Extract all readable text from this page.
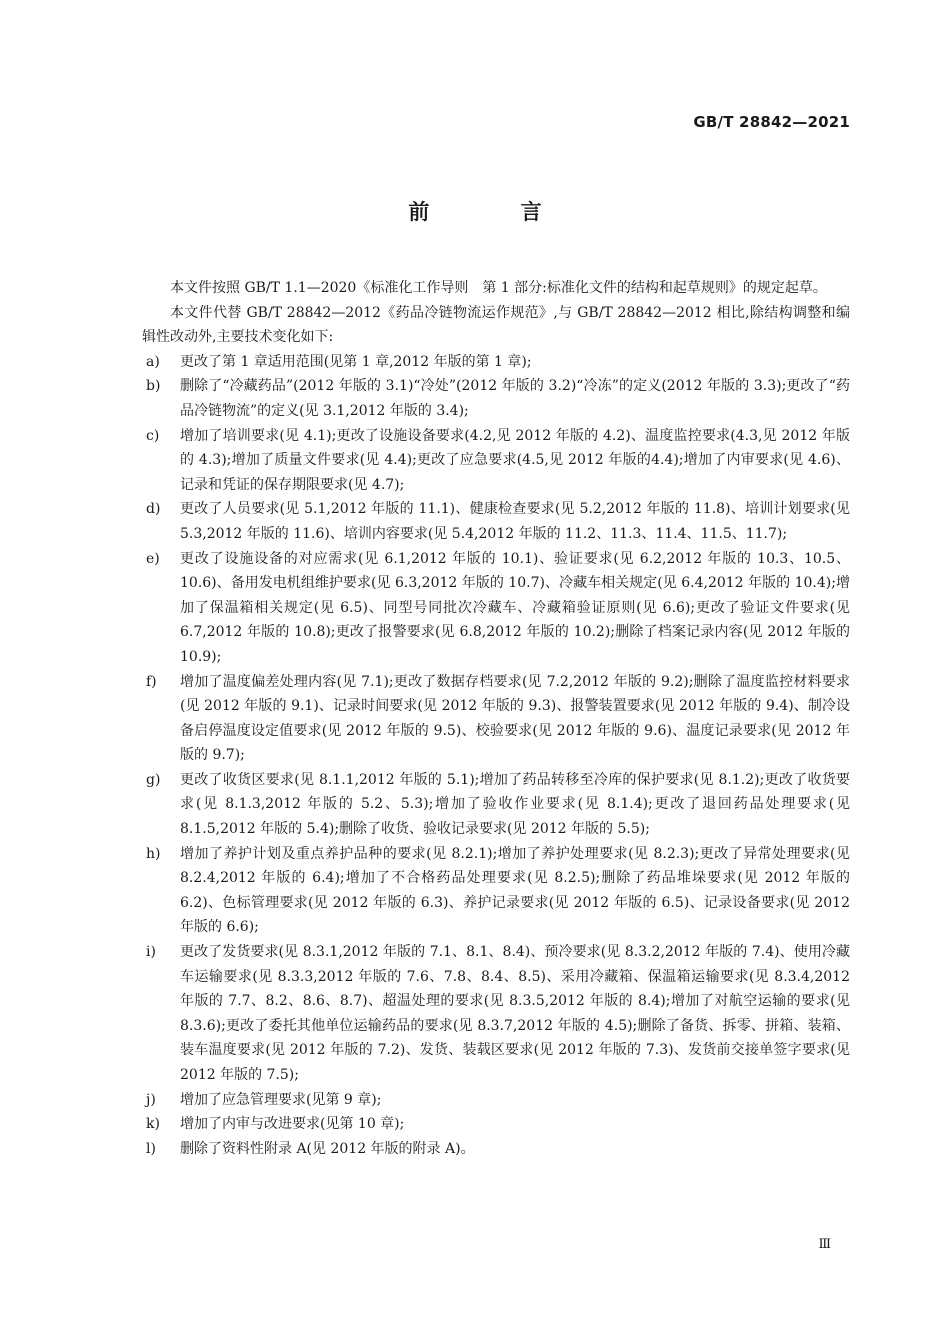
GB/T 28842—2021
前 言

本文件按照 GB/T 1.1—2020《标准化工作导则　第 1 部分:标准化文件的结构和起草规则》的规定起草。

本文件代替 GB/T 28842—2012《药品冷链物流运作规范》,与 GB/T 28842—2012 相比,除结构调整和编辑性改动外,主要技术变化如下:

a)	更改了第 1 章适用范围(见第 1 章,2012 年版的第 1 章);
b)	删除了“冷藏药品”(2012 年版的 3.1)“冷处”(2012 年版的 3.2)“冷冻”的定义(2012 年版的 3.3);更改了“药品冷链物流”的定义(见 3.1,2012 年版的 3.4);
c)	增加了培训要求(见 4.1);更改了设施设备要求(4.2,见 2012 年版的 4.2)、温度监控要求(4.3,见 2012 年版的 4.3);增加了质量文件要求(见 4.4);更改了应急要求(4.5,见 2012 年版的4.4);增加了内审要求(见 4.6)、记录和凭证的保存期限要求(见 4.7);
d)	更改了人员要求(见 5.1,2012 年版的 11.1)、健康检查要求(见 5.2,2012 年版的 11.8)、培训计划要求(见 5.3,2012 年版的 11.6)、培训内容要求(见 5.4,2012 年版的 11.2、11.3、11.4、11.5、11.7);
e)	更改了设施设备的对应需求(见 6.1,2012 年版的 10.1)、验证要求(见 6.2,2012 年版的 10.3、10.5、10.6)、备用发电机组维护要求(见 6.3,2012 年版的 10.7)、冷藏车相关规定(见 6.4,2012 年版的 10.4);增加了保温箱相关规定(见 6.5)、同型号同批次冷藏车、冷藏箱验证原则(见 6.6);更改了验证文件要求(见 6.7,2012 年版的 10.8);更改了报警要求(见 6.8,2012 年版的 10.2);删除了档案记录内容(见 2012 年版的 10.9);
f)	增加了温度偏差处理内容(见 7.1);更改了数据存档要求(见 7.2,2012 年版的 9.2);删除了温度监控材料要求(见 2012 年版的 9.1)、记录时间要求(见 2012 年版的 9.3)、报警装置要求(见 2012 年版的 9.4)、制冷设备启停温度设定值要求(见 2012 年版的 9.5)、校验要求(见 2012 年版的 9.6)、温度记录要求(见 2012 年版的 9.7);
g)	更改了收货区要求(见 8.1.1,2012 年版的 5.1);增加了药品转移至冷库的保护要求(见 8.1.2);更改了收货要求(见 8.1.3,2012 年版的 5.2、5.3);增加了验收作业要求(见 8.1.4);更改了退回药品处理要求(见 8.1.5,2012 年版的 5.4);删除了收货、验收记录要求(见 2012 年版的 5.5);
h)	增加了养护计划及重点养护品种的要求(见 8.2.1);增加了养护处理要求(见 8.2.3);更改了异常处理要求(见 8.2.4,2012 年版的 6.4);增加了不合格药品处理要求(见 8.2.5);删除了药品堆垛要求(见 2012 年版的 6.2)、色标管理要求(见 2012 年版的 6.3)、养护记录要求(见 2012 年版的 6.5)、记录设备要求(见 2012 年版的 6.6);
i)	更改了发货要求(见 8.3.1,2012 年版的 7.1、8.1、8.4)、预冷要求(见 8.3.2,2012 年版的 7.4)、使用冷藏车运输要求(见 8.3.3,2012 年版的 7.6、7.8、8.4、8.5)、采用冷藏箱、保温箱运输要求(见 8.3.4,2012 年版的 7.7、8.2、8.6、8.7)、超温处理的要求(见 8.3.5,2012 年版的 8.4);增加了对航空运输的要求(见 8.3.6);更改了委托其他单位运输药品的要求(见 8.3.7,2012 年版的 4.5);删除了备货、拆零、拼箱、装箱、装车温度要求(见 2012 年版的 7.2)、发货、装载区要求(见 2012 年版的 7.3)、发货前交接单签字要求(见 2012 年版的 7.5);
j)	增加了应急管理要求(见第 9 章);
k)	增加了内审与改进要求(见第 10 章);
l)	删除了资料性附录 A(见 2012 年版的附录 A)。
Ⅲ
